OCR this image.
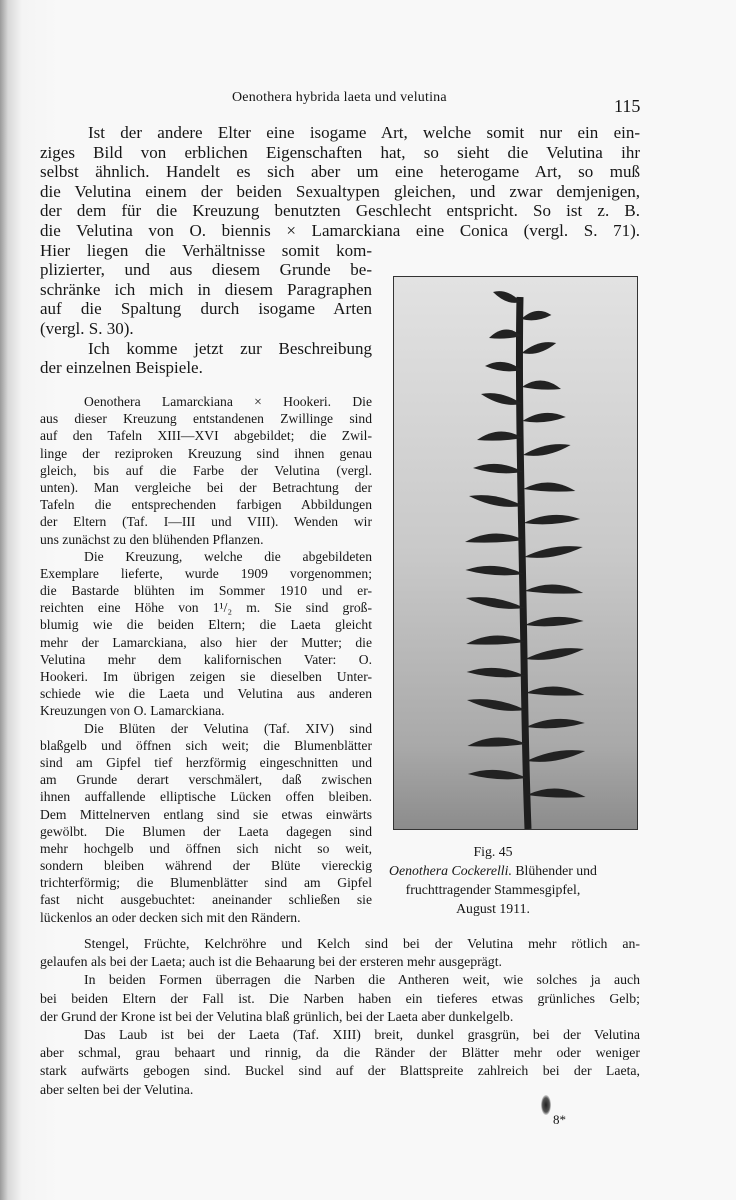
Oenothera hybrida laeta und velutina	115
Ist der andere Elter eine isogame Art, welche somit nur ein ein-
ziges Bild von erblichen Eigenschaften hat, so sieht die Velutina ihr
selbst ähnlich. Handelt es sich aber um eine heterogame Art, so muß
die Velutina einem der beiden Sexualtypen gleichen, und zwar demjenigen,
der dem für die Kreuzung benutzten Geschlecht entspricht. So ist z. B.
die Velutina von O. biennis × Lamarckiana eine Conica (vergl. S. 71).
Hier liegen die Verhältnisse somit kom-
plizierter, und aus diesem Grunde be-
schränke ich mich in diesem Paragraphen
auf die Spaltung durch isogame Arten
(vergl. S. 30).
Ich komme jetzt zur Beschreibung
der einzelnen Beispiele.
Oenothera Lamarckiana × Hookeri. Die
aus dieser Kreuzung entstandenen Zwillinge sind
auf den Tafeln XIII—XVI abgebildet; die Zwil-
linge der reziproken Kreuzung sind ihnen genau
gleich, bis auf die Farbe der Velutina (vergl.
unten). Man vergleiche bei der Betrachtung der
Tafeln die entsprechenden farbigen Abbildungen
der Eltern (Taf. I—III und VIII). Wenden wir
uns zunächst zu den blühenden Pflanzen.
Die Kreuzung, welche die abgebildeten
Exemplare lieferte, wurde 1909 vorgenommen;
die Bastarde blühten im Sommer 1910 und er-
reichten eine Höhe von 1¹/₂ m. Sie sind groß-
blumig wie die beiden Eltern; die Laeta gleicht
mehr der Lamarckiana, also hier der Mutter; die
Velutina mehr dem kalifornischen Vater: O.
Hookeri. Im übrigen zeigen sie dieselben Unter-
schiede wie die Laeta und Velutina aus anderen
Kreuzungen von O. Lamarckiana.
Die Blüten der Velutina (Taf. XIV) sind
blaßgelb und öffnen sich weit; die Blumenblätter
sind am Gipfel tief herzförmig eingeschnitten und
am Grunde derart verschmälert, daß zwischen
ihnen auffallende elliptische Lücken offen bleiben.
Dem Mittelnerven entlang sind sie etwas einwärts
gewölbt. Die Blumen der Laeta dagegen sind
mehr hochgelb und öffnen sich nicht so weit,
sondern bleiben während der Blüte viereckig
trichterförmig; die Blumenblätter sind am Gipfel
fast nicht ausgebuchtet: aneinander schließen sie
lückenlos an oder decken sich mit den Rändern.
Stengel, Früchte, Kelchröhre und Kelch sind bei der Velutina mehr rötlich an-
gelaufen als bei der Laeta; auch ist die Behaarung bei der ersteren mehr ausgeprägt.
In beiden Formen überragen die Narben die Antheren weit, wie solches ja auch
bei beiden Eltern der Fall ist. Die Narben haben ein tieferes etwas grünliches Gelb;
der Grund der Krone ist bei der Velutina blaß grünlich, bei der Laeta aber dunkelgelb.
Das Laub ist bei der Laeta (Taf. XIII) breit, dunkel grasgrün, bei der Velutina
aber schmal, grau behaart und rinnig, da die Ränder der Blätter mehr oder weniger
stark aufwärts gebogen sind. Buckel sind auf der Blattspreite zahlreich bei der Laeta,
aber selten bei der Velutina.
Fig. 45
Oenothera Cockerelli. Blühender und
fruchttragender Stammesgipfel,
August 1911.
8*
